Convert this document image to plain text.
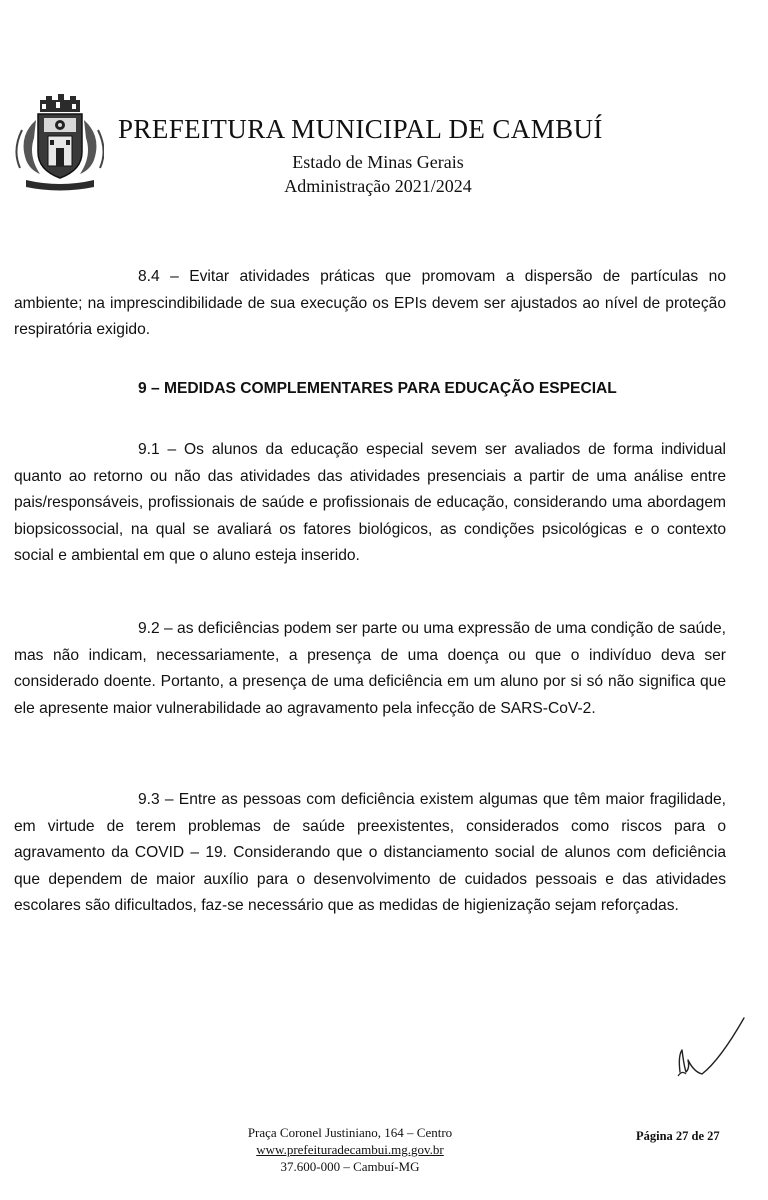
PREFEITURA MUNICIPAL DE CAMBUÍ
Estado de Minas Gerais
Administração 2021/2024

8.4 – Evitar atividades práticas que promovam a dispersão de partículas no ambiente; na imprescindibilidade de sua execução os EPIs devem ser ajustados ao nível de proteção respiratória exigido.

9 – MEDIDAS COMPLEMENTARES PARA EDUCAÇÃO ESPECIAL

9.1 – Os alunos da educação especial sevem ser avaliados de forma individual quanto ao retorno ou não das atividades das atividades presenciais a partir de uma análise entre pais/responsáveis, profissionais de saúde e profissionais de educação, considerando uma abordagem biopsicossocial, na qual se avaliará os fatores biológicos, as condições psicológicas e o contexto social e ambiental em que o aluno esteja inserido.

9.2 – as deficiências podem ser parte ou uma expressão de uma condição de saúde, mas não indicam, necessariamente, a presença de uma doença ou que o indivíduo deva ser considerado doente. Portanto, a presença de uma deficiência em um aluno por si só não significa que ele apresente maior vulnerabilidade ao agravamento pela infecção de SARS-CoV-2.

9.3 – Entre as pessoas com deficiência existem algumas que têm maior fragilidade, em virtude de terem problemas de saúde preexistentes, considerados como riscos para o agravamento da COVID – 19. Considerando que o distanciamento social de alunos com deficiência que dependem de maior auxílio para o desenvolvimento de cuidados pessoais e das atividades escolares são dificultados, faz-se necessário que as medidas de higienização sejam reforçadas.

Praça Coronel Justiniano, 164 – Centro
www.prefeituradecambui.mg.gov.br
37.600-000 – Cambuí-MG
Página 27 de 27
